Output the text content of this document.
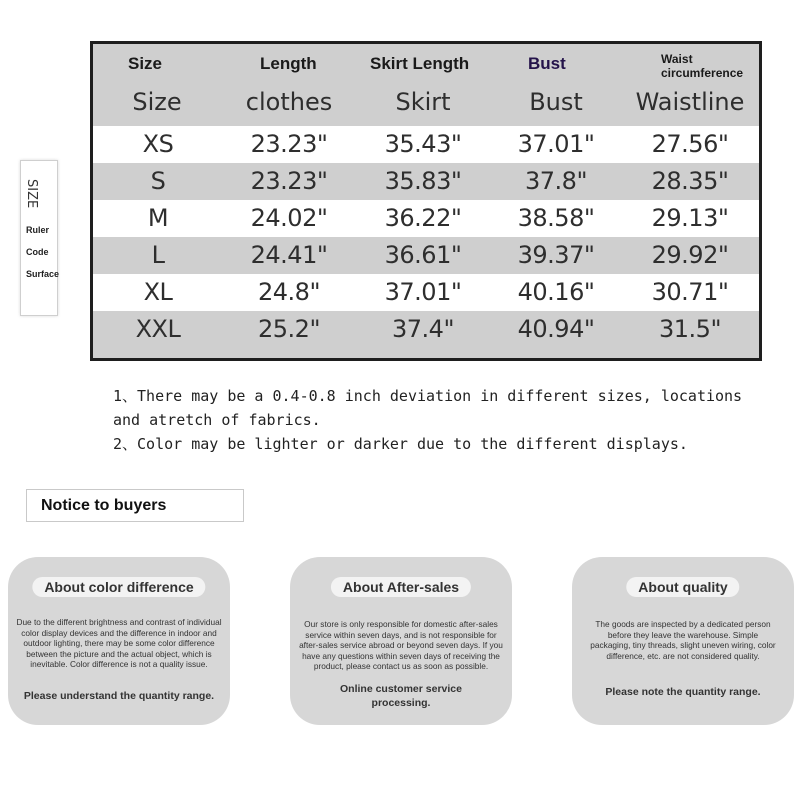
SIZE
Ruler
Code
Surface
Size	Length	Skirt Length	Bust	Waist
circumference
Size	clothes	Skirt	Bust	Waistline
XS	23.23"	35.43"	37.01"	27.56"
S	23.23"	35.83"	37.8"	28.35"
M	24.02"	36.22"	38.58"	29.13"
L	24.41"	36.61"	39.37"	29.92"
XL	24.8"	37.01"	40.16"	30.71"
XXL	25.2"	37.4"	40.94"	31.5"
1、There may be a 0.4-0.8 inch deviation in different sizes, locations and atretch of fabrics.
2、Color may be lighter or darker due to the different displays.
Notice to buyers
About color difference
Due to the different brightness and contrast of individual color display devices and the difference in indoor and outdoor lighting, there may be some color difference between the picture and the actual object, which is inevitable. Color difference is not a quality issue.
Please understand the quantity range.
About After-sales
Our store is only responsible for domestic after-sales service within seven days, and is not responsible for after-sales service abroad or beyond seven days. If you have any questions within seven days of receiving the product, please contact us as soon as possible.
Online customer service processing.
About quality
The goods are inspected by a dedicated person before they leave the warehouse. Simple packaging, tiny threads, slight uneven wiring, color difference, etc. are not considered quality.
Please note the quantity range.
